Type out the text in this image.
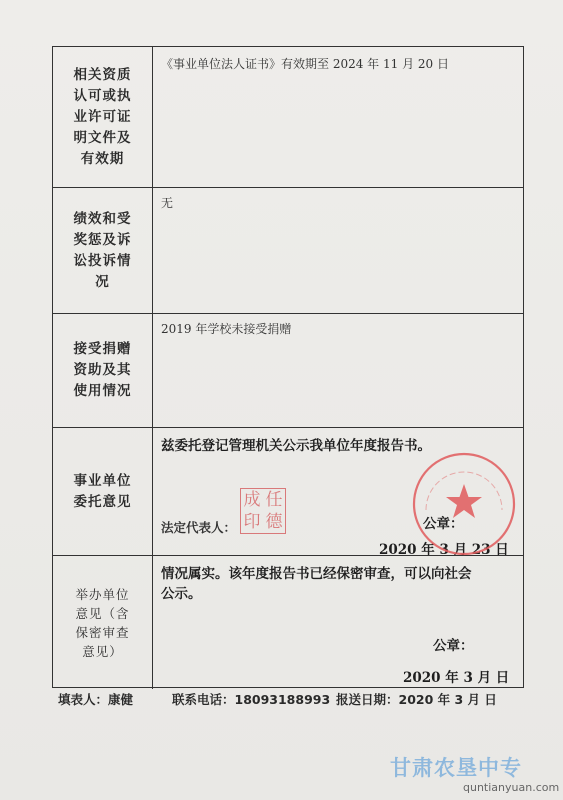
相关资质认可或执业许可证明文件及有效期
《事业单位法人证书》有效期至 2024 年 11 月 20 日
绩效和受奖惩及诉讼投诉情况
无
接受捐赠资助及其使用情况
2019 年学校未接受捐赠
事业单位委托意见
兹委托登记管理机关公示我单位年度报告书。
法定代表人：	公章：
2020 年 3 月 23 日
举办单位意见（含保密审查意见）
情况属实。该年度报告书已经保密审查，可以向社会
公示。
公章：
2020 年 3 月 日
成 任
印 德
填表人：康健	联系电话：18093188993 报送日期：2020 年 3 月 日
甘肃农垦中专
quntianyuan.com
